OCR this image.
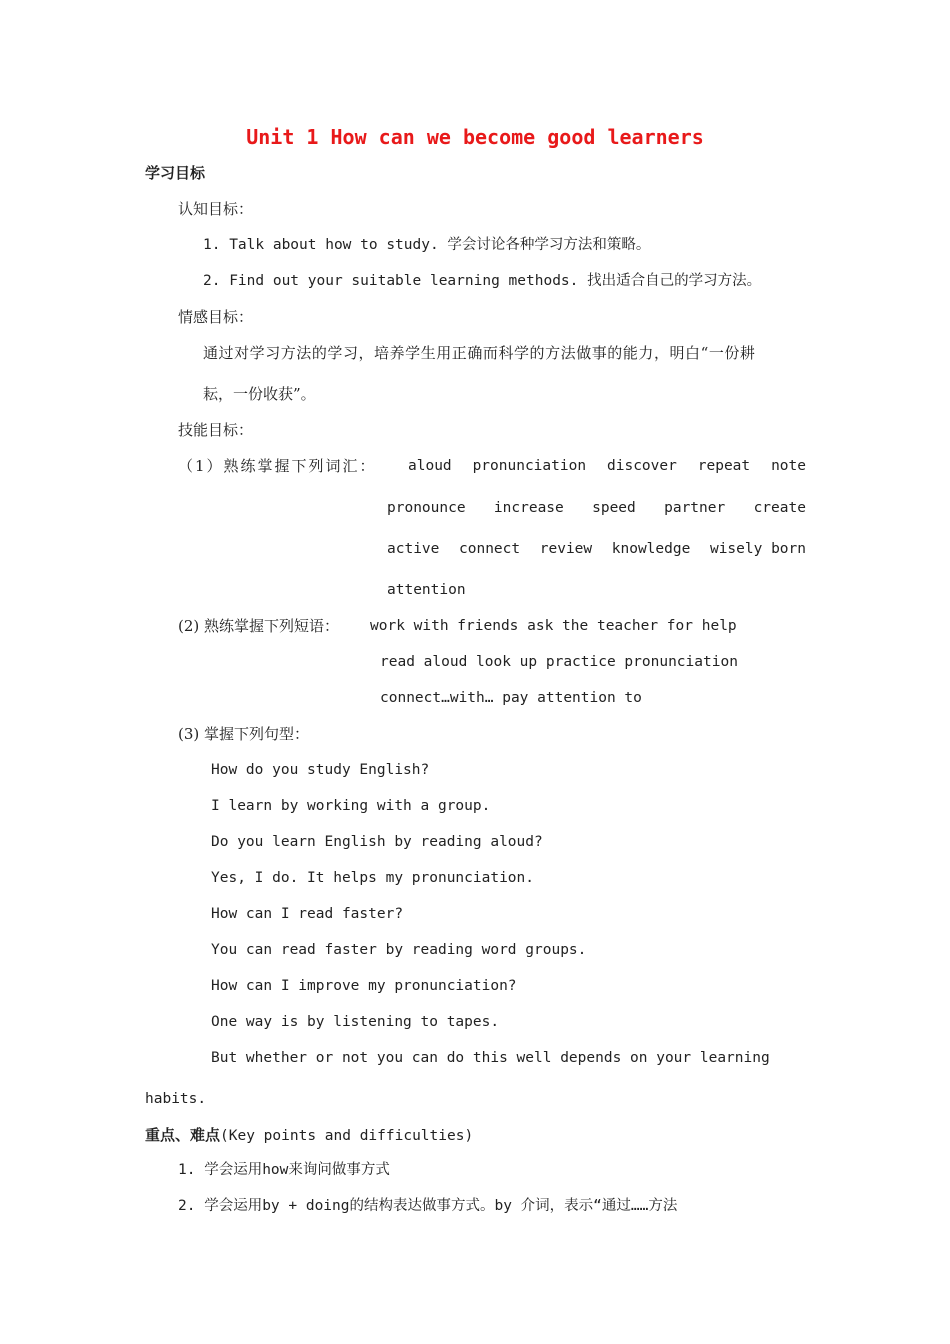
Unit 1 How can we become good learners
学习目标
认知目标：
1. Talk about how to study. 学会讨论各种学习方法和策略。
2. Find out your suitable learning methods. 找出适合自己的学习方法。
情感目标：
通过对学习方法的学习，培养学生用正确而科学的方法做事的能力，明白“一份耕
耘，一份收获”。
技能目标：
（1）熟练掌握下列词汇： aloud pronunciation discover repeat note
pronounce increase speed partner create
active connect review knowledge wisely born
attention
(2) 熟练掌握下列短语： work with friends ask the teacher for help
read aloud look up practice pronunciation
connect…with… pay attention to
(3) 掌握下列句型：
How do you study English?
I learn by working with a group.
Do you learn English by reading aloud?
Yes, I do. It helps my pronunciation.
How can I read faster?
You can read faster by reading word groups.
How can I improve my pronunciation?
One way is by listening to tapes.
But whether or not you can do this well depends on your learning
habits.
重点、难点(Key points and difficulties)
1. 学会运用how来询问做事方式
2. 学会运用by + doing的结构表达做事方式。by 介词，表示“通过……方法
